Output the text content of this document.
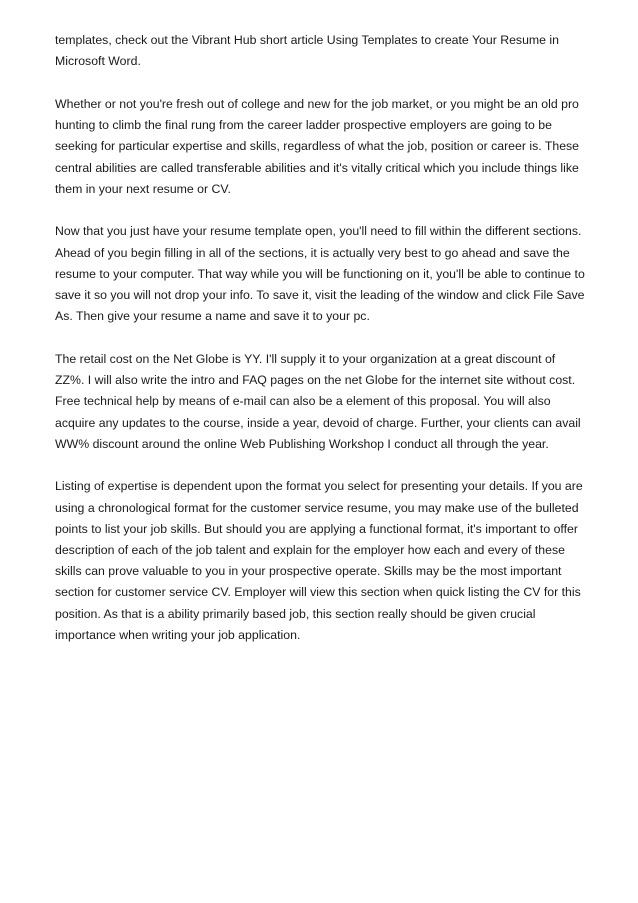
templates, check out the Vibrant Hub short article Using Templates to create Your Resume in Microsoft Word.

Whether or not you're fresh out of college and new for the job market, or you might be an old pro hunting to climb the final rung from the career ladder prospective employers are going to be seeking for particular expertise and skills, regardless of what the job, position or career is. These central abilities are called transferable abilities and it's vitally critical which you include things like them in your next resume or CV.

Now that you just have your resume template open, you'll need to fill within the different sections. Ahead of you begin filling in all of the sections, it is actually very best to go ahead and save the resume to your computer. That way while you will be functioning on it, you'll be able to continue to save it so you will not drop your info. To save it, visit the leading of the window and click File Save As. Then give your resume a name and save it to your pc.

The retail cost on the Net Globe is YY. I'll supply it to your organization at a great discount of ZZ%. I will also write the intro and FAQ pages on the net Globe for the internet site without cost. Free technical help by means of e-mail can also be a element of this proposal. You will also acquire any updates to the course, inside a year, devoid of charge. Further, your clients can avail WW% discount around the online Web Publishing Workshop I conduct all through the year.

Listing of expertise is dependent upon the format you select for presenting your details. If you are using a chronological format for the customer service resume, you may make use of the bulleted points to list your job skills. But should you are applying a functional format, it's important to offer description of each of the job talent and explain for the employer how each and every of these skills can prove valuable to you in your prospective operate. Skills may be the most important section for customer service CV. Employer will view this section when quick listing the CV for this position. As that is a ability primarily based job, this section really should be given crucial importance when writing your job application.
